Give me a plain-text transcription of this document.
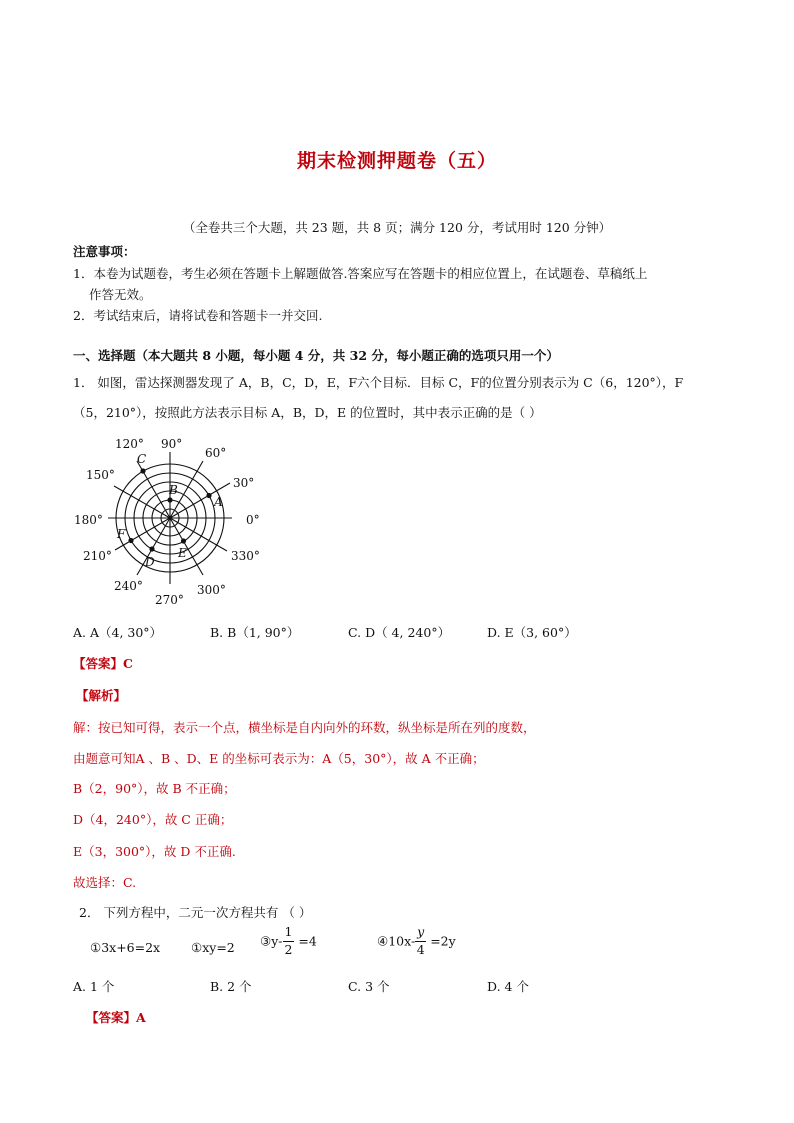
期末检测押题卷（五）
（全卷共三个大题，共 23 题，共 8 页；满分 120 分，考试用时 120 分钟）
注意事项：
1．本卷为试题卷，考生必须在答题卡上解题做答.答案应写在答题卡的相应位置上，在试题卷、草稿纸上
作答无效。
2．考试结束后，请将试卷和答题卡一并交回.
一、选择题（本大题共 8 小题，每小题 4 分，共 32 分，每小题正确的选项只用一个）
1． 如图，雷达探测器发现了 A，B，C，D，E，F六个目标．目标 C，F的位置分别表示为 C（6，120°），F
（5，210°），按照此方法表示目标 A，B，D，E 的位置时，其中表示正确的是（ ）
0°
30°
60°
90°
120°
150°
180°
210°
240°
270°
300°
330°
A
B
C
D
E
F
A. A（4, 30°）	B. B（1, 90°）	C. D（ 4, 240°）	D. E（3, 60°）
【答案】C
【解析】
解：按已知可得，表示一个点，横坐标是自内向外的环数，纵坐标是所在列的度数，
由题意可知A 、B 、D、E 的坐标可表示为：A（5，30°），故 A 不正确；
B（2，90°），故 B 不正确；
D（4，240°），故 C 正确；
E（3，300°），故 D 不正确.
故选择：C.
2． 下列方程中，二元一次方程共有 （ ）
①3x+6=2x ①xy=2 ③y- $\frac{1}{2} =4$	④10x- $\frac{y}{4} =2y$
A. 1 个	B. 2 个	C. 3 个	D. 4 个
【答案】A
